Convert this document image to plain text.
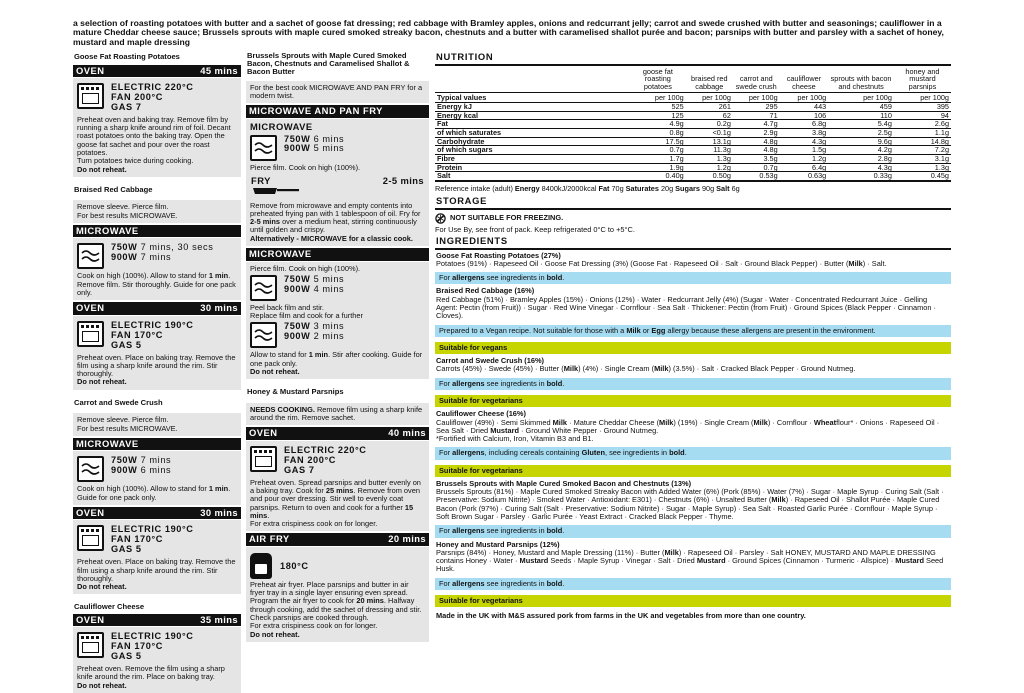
a selection of roasting potatoes with butter and a sachet of goose fat dressing; red cabbage with Bramley apples, onions and redcurrant jelly; carrot and swede crushed with butter and seasonings; cauliflower in a mature Cheddar cheese sauce; Brussels sprouts with maple cured smoked streaky bacon, chestnuts and a butter with caramelised shallot purée and bacon; parsnips with butter and parsley with a sachet of honey, mustard and maple dressing
Goose Fat Roasting Potatoes
OVEN	45 mins
ELECTRIC 220°C
FAN 200°C
GAS 7

Preheat oven and baking tray. Remove film by running a sharp knife around rim of foil. Decant roast potatoes onto the baking tray. Open the goose fat sachet and pour over the roast potatoes.

Turn potatoes twice during cooking.

Do not reheat.

Braised Red Cabbage
Remove sleeve. Pierce film.
For best results MICROWAVE.
MICROWAVE
750W 7 mins, 30 secs
900W 7 mins

Cook on high (100%). Allow to stand for 1 min. Remove film. Stir thoroughly. Guide for one pack only.

OVEN	30 mins
ELECTRIC 190°C
FAN 170°C
GAS 5

Preheat oven. Place on baking tray. Remove the film using a sharp knife around the rim. Stir thoroughly.

Do not reheat.

Carrot and Swede Crush
Remove sleeve. Pierce film.
For best results MICROWAVE.
MICROWAVE
750W 7 mins
900W 6 mins

Cook on high (100%). Allow to stand for 1 min. Guide for one pack only.

OVEN	30 mins
ELECTRIC 190°C
FAN 170°C
GAS 5

Preheat oven. Place on baking tray. Remove the film using a sharp knife around the rim. Stir thoroughly.

Do not reheat.

Cauliflower Cheese
OVEN	35 mins
ELECTRIC 190°C
FAN 170°C
GAS 5

Preheat oven. Remove the film using a sharp knife around the rim. Place on baking tray.

Do not reheat.

Brussels Sprouts with Maple Cured Smoked Bacon, Chestnuts and Caramelised Shallot & Bacon Butter
For the best cook MICROWAVE AND PAN FRY for a modern twist.
MICROWAVE AND PAN FRY
MICROWAVE
750W 6 mins
900W 5 mins

Pierce film. Cook on high (100%).

FRY	2-5 mins

Remove from microwave and empty contents into preheated frying pan with 1 tablespoon of oil. Fry for 2-5 mins over a medium heat, stirring continuously until golden and crispy.

Alternatively - MICROWAVE for a classic cook.

MICROWAVE

Pierce film. Cook on high (100%).

750W 5 mins
900W 4 mins

Peel back film and stir.

Replace film and cook for a further

750W 3 mins
900W 2 mins

Allow to stand for 1 min. Stir after cooking. Guide for one pack only.

Do not reheat.

Honey & Mustard Parsnips
NEEDS COOKING. Remove film using a sharp knife around the rim. Remove sachet.
OVEN	40 mins
ELECTRIC 220°C
FAN 200°C
GAS 7

Preheat oven. Spread parsnips and butter evenly on a baking tray. Cook for 25 mins. Remove from oven and pour over dressing. Stir well to evenly coat parsnips. Return to oven and cook for a further 15 mins.

For extra crispiness cook on for longer.

AIR FRY	20 mins
180°C

Preheat air fryer. Place parsnips and butter in air fryer tray in a single layer ensuring even spread. Program the air fryer to cook for 20 mins. Halfway through cooking, add the sachet of dressing and stir.

Check parsnips are cooked through.

For extra crispiness cook on for longer.

Do not reheat.

NUTRITION
	goose fat roasting potatoes	braised red cabbage	carrot and swede crush	cauliflower cheese	sprouts with bacon and chestnuts	honey and mustard parsnips
Typical values	per 100g	per 100g	per 100g	per 100g	per 100g	per 100g
Energy kJ	525	261	295	443	459	395
Energy kcal	125	62	71	106	110	94
Fat	4.9g	0.2g	4.7g	6.8g	5.4g	2.6g
of which saturates	0.8g	<0.1g	2.9g	3.8g	2.5g	1.1g
Carbohydrate	17.5g	13.1g	4.8g	4.3g	9.6g	14.8g
of which sugars	0.7g	11.3g	4.8g	1.5g	4.2g	7.2g
Fibre	1.7g	1.3g	3.5g	1.2g	2.8g	3.1g
Protein	1.9g	1.2g	0.7g	6.4g	4.3g	1.3g
Salt	0.40g	0.50g	0.53g	0.63g	0.33g	0.45g
Reference intake (adult) Energy 8400kJ/2000kcal Fat 70g Saturates 20g Sugars 90g Salt 6g
STORAGE
NOT SUITABLE FOR FREEZING.
For Use By, see front of pack. Keep refrigerated 0°C to +5°C.
INGREDIENTS
Goose Fat Roasting Potatoes (27%)
Potatoes (91%) · Rapeseed Oil · Goose Fat Dressing (3%) (Goose Fat · Rapeseed Oil · Salt · Ground Black Pepper) · Butter (Milk) · Salt.
For allergens see ingredients in bold.
Braised Red Cabbage (16%)
Red Cabbage (51%) · Bramley Apples (15%) · Onions (12%) · Water · Redcurrant Jelly (4%) (Sugar · Water · Concentrated Redcurrant Juice · Gelling Agent: Pectin (from Fruit)) · Sugar · Red Wine Vinegar · Cornflour · Sea Salt · Thickener: Pectin (from Fruit) · Ground Spices (Black Pepper · Cinnamon · Cloves).
Prepared to a Vegan recipe. Not suitable for those with a Milk or Egg allergy because these allergens are present in the environment.
Suitable for vegans
Carrot and Swede Crush (16%)
Carrots (45%) · Swede (45%) · Butter (Milk) (4%) · Single Cream (Milk) (3.5%) · Salt · Cracked Black Pepper · Ground Nutmeg.
For allergens see ingredients in bold.
Suitable for vegetarians
Cauliflower Cheese (16%)
Cauliflower (49%) · Semi Skimmed Milk · Mature Cheddar Cheese (Milk) (19%) · Single Cream (Milk) · Cornflour · Wheatflour* · Onions · Rapeseed Oil · Sea Salt · Dried Mustard · Ground White Pepper · Ground Nutmeg.
*Fortified with Calcium, Iron, Vitamin B3 and B1.
For allergens, including cereals containing Gluten, see ingredients in bold.
Suitable for vegetarians
Brussels Sprouts with Maple Cured Smoked Bacon and Chestnuts (13%)
Brussels Sprouts (81%) · Maple Cured Smoked Streaky Bacon with Added Water (6%) (Pork (85%) · Water (7%) · Sugar · Maple Syrup · Curing Salt (Salt · Preservative: Sodium Nitrite) · Smoked Water · Antioxidant: E301) · Chestnuts (6%) · Unsalted Butter (Milk) · Rapeseed Oil · Shallot Purée · Maple Cured Bacon (Pork (97%) · Curing Salt (Salt · Preservative: Sodium Nitrite) · Sugar · Maple Syrup) · Sea Salt · Roasted Garlic Purée · Cornflour · Maple Syrup · Soft Brown Sugar · Parsley · Garlic Purée · Yeast Extract · Cracked Black Pepper · Thyme.
For allergens see ingredients in bold.
Honey and Mustard Parsnips (12%)
Parsnips (84%) · Honey, Mustard and Maple Dressing (11%) · Butter (Milk) · Rapeseed Oil · Parsley · Salt HONEY, MUSTARD AND MAPLE DRESSING contains Honey · Water · Mustard Seeds · Maple Syrup · Vinegar · Salt · Dried Mustard · Ground Spices (Cinnamon · Turmeric · Allspice) · Mustard Seed Husk.
For allergens see ingredients in bold.
Suitable for vegetarians
Made in the UK with M&S assured pork from farms in the UK and vegetables from more than one country.
